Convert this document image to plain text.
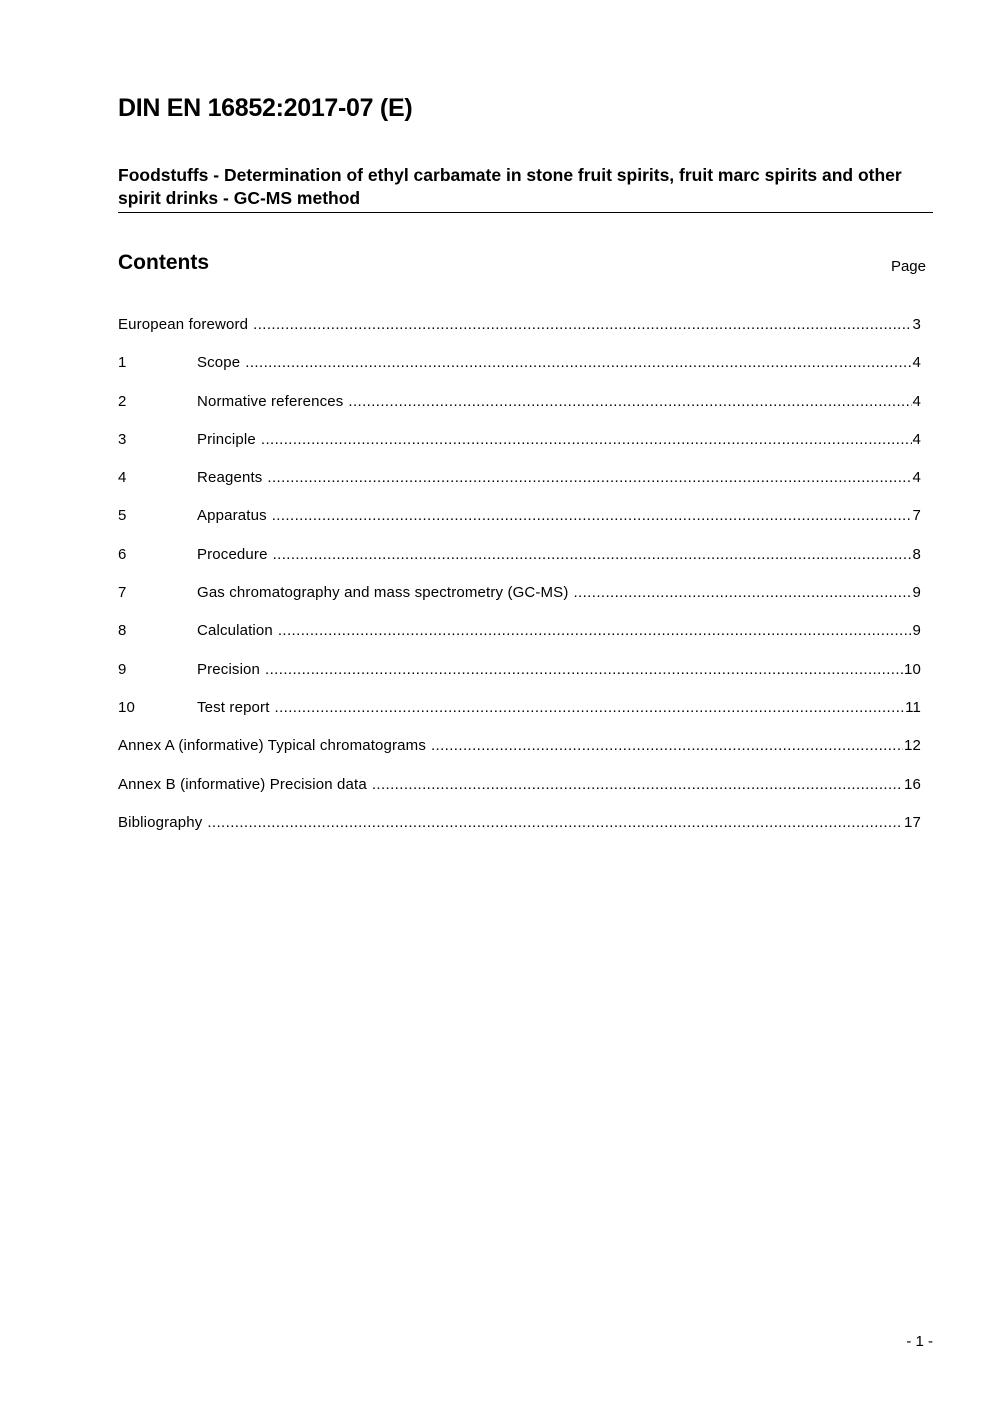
DIN EN 16852:2017-07 (E)
Foodstuffs - Determination of ethyl carbamate in stone fruit spirits, fruit marc spirits and other spirit drinks - GC-MS method
Contents	Page
European foreword .....	3
1	Scope .....	4
2	Normative references .....	4
3	Principle .....	4
4	Reagents .....	4
5	Apparatus .....	7
6	Procedure .....	8
7	Gas chromatography and mass spectrometry (GC-MS) .....	9
8	Calculation .....	9
9	Precision .....	10
10	Test report .....	11
Annex A (informative) Typical chromatograms .....	12
Annex B (informative) Precision data .....	16
Bibliography .....	17
- 1 -
